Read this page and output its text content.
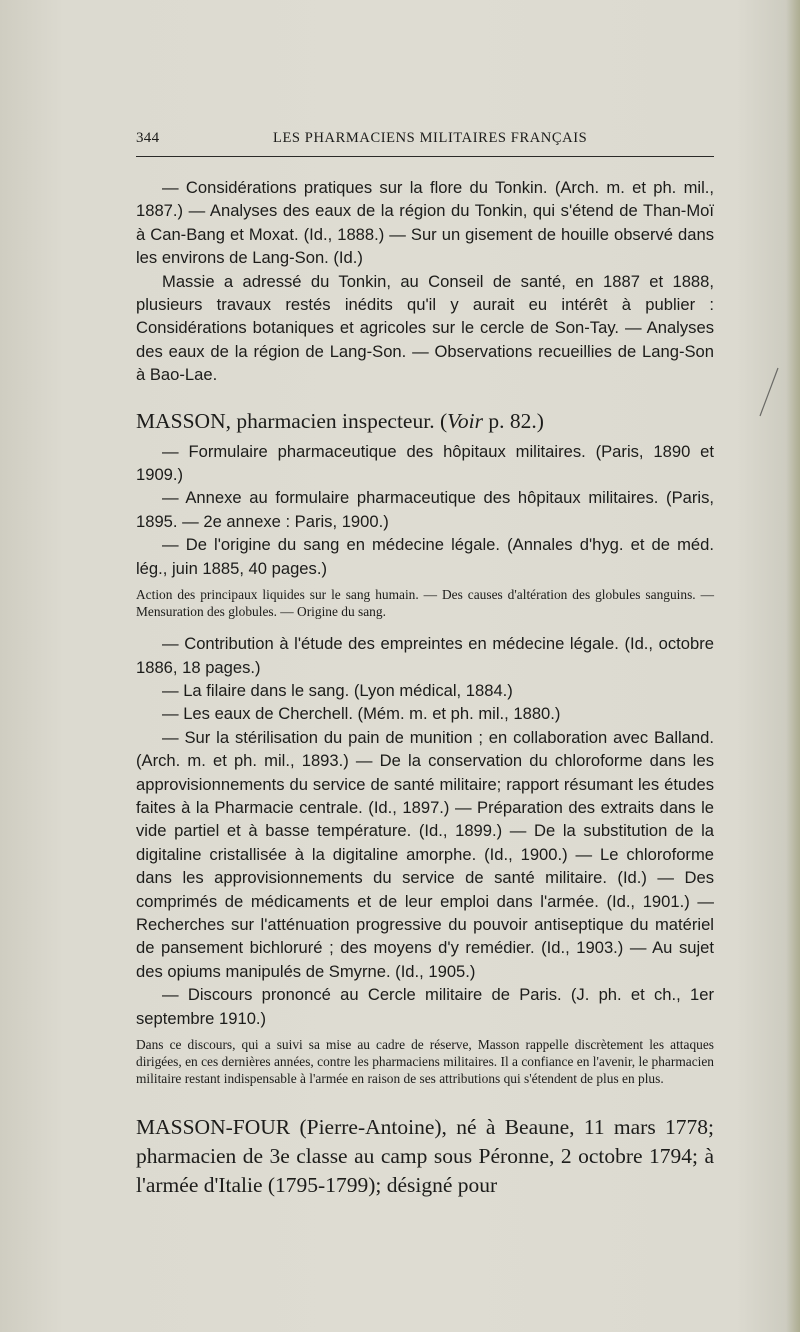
344	LES PHARMACIENS MILITAIRES FRANÇAIS

— Considérations pratiques sur la flore du Tonkin. (Arch. m. et ph. mil., 1887.) — Analyses des eaux de la région du Tonkin, qui s'étend de Than-Moï à Can-Bang et Moxat. (Id., 1888.) — Sur un gisement de houille observé dans les environs de Lang-Son. (Id.)

Massie a adressé du Tonkin, au Conseil de santé, en 1887 et 1888, plusieurs travaux restés inédits qu'il y aurait eu intérêt à publier : Considérations botaniques et agricoles sur le cercle de Son-Tay. — Analyses des eaux de la région de Lang-Son. — Observations recueillies de Lang-Son à Bao-Lae.

MASSON, pharmacien inspecteur. (Voir p. 82.)

— Formulaire pharmaceutique des hôpitaux militaires. (Paris, 1890 et 1909.)

— Annexe au formulaire pharmaceutique des hôpitaux militaires. (Paris, 1895. — 2e annexe : Paris, 1900.)

— De l'origine du sang en médecine légale. (Annales d'hyg. et de méd. lég., juin 1885, 40 pages.)

Action des principaux liquides sur le sang humain. — Des causes d'altération des globules sanguins. — Mensuration des globules. — Origine du sang.

— Contribution à l'étude des empreintes en médecine légale. (Id., octobre 1886, 18 pages.)

— La filaire dans le sang. (Lyon médical, 1884.)

— Les eaux de Cherchell. (Mém. m. et ph. mil., 1880.)

— Sur la stérilisation du pain de munition ; en collaboration avec Balland. (Arch. m. et ph. mil., 1893.) — De la conservation du chloroforme dans les approvisionnements du service de santé militaire; rapport résumant les études faites à la Pharmacie centrale. (Id., 1897.) — Préparation des extraits dans le vide partiel et à basse température. (Id., 1899.) — De la substitution de la digitaline cristallisée à la digitaline amorphe. (Id., 1900.) — Le chloroforme dans les approvisionnements du service de santé militaire. (Id.) — Des comprimés de médicaments et de leur emploi dans l'armée. (Id., 1901.) — Recherches sur l'atténuation progressive du pouvoir antiseptique du matériel de pansement bichloruré ; des moyens d'y remédier. (Id., 1903.) — Au sujet des opiums manipulés de Smyrne. (Id., 1905.)

— Discours prononcé au Cercle militaire de Paris. (J. ph. et ch., 1er septembre 1910.)

Dans ce discours, qui a suivi sa mise au cadre de réserve, Masson rappelle discrètement les attaques dirigées, en ces dernières années, contre les pharmaciens militaires. Il a confiance en l'avenir, le pharmacien militaire restant indispensable à l'armée en raison de ses attributions qui s'étendent de plus en plus.

MASSON-FOUR (Pierre-Antoine), né à Beaune, 11 mars 1778; pharmacien de 3e classe au camp sous Péronne, 2 octobre 1794; à l'armée d'Italie (1795-1799); désigné pour
